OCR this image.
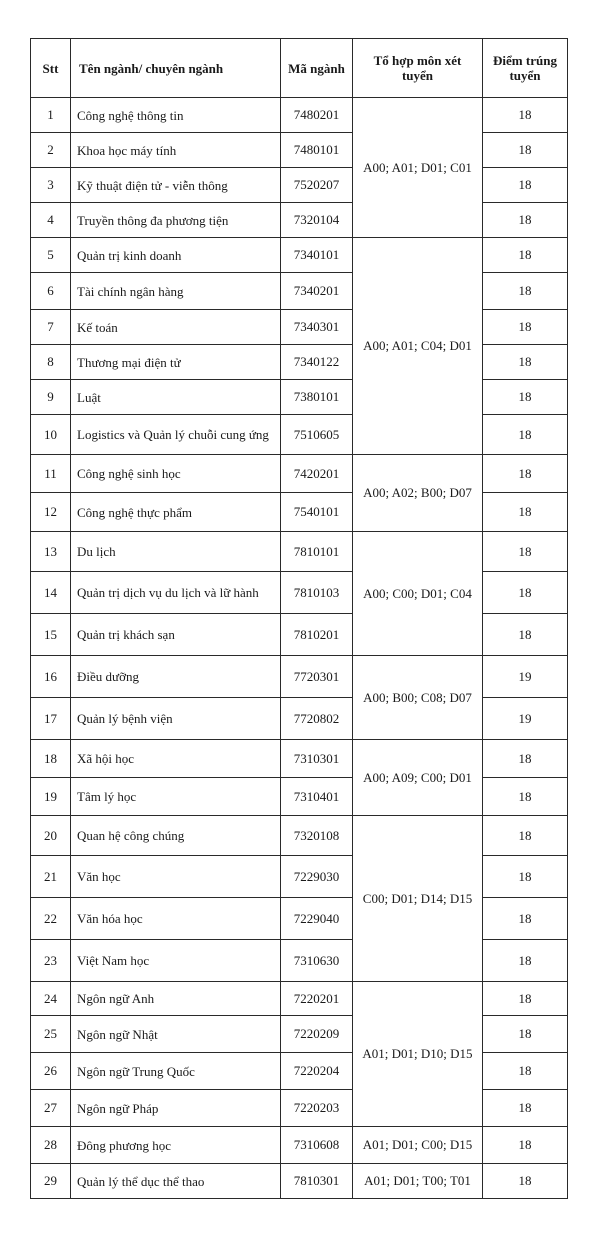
Stt	Tên ngành/ chuyên ngành	Mã ngành	Tổ hợp môn xét tuyển	Điểm trúng tuyển
1	Công nghệ thông tin	7480201	A00; A01; D01; C01	18
2	Khoa học máy tính	7480101		18
3	Kỹ thuật điện tử - viễn thông	7520207		18
4	Truyền thông đa phương tiện	7320104		18
5	Quản trị kinh doanh	7340101	A00; A01; C04; D01	18
6	Tài chính ngân hàng	7340201		18
7	Kế toán	7340301		18
8	Thương mại điện tử	7340122		18
9	Luật	7380101		18
10	Logistics và Quản lý chuỗi cung ứng	7510605		18
11	Công nghệ sinh học	7420201	A00; A02; B00; D07	18
12	Công nghệ thực phẩm	7540101		18
13	Du lịch	7810101	A00; C00; D01; C04	18
14	Quản trị dịch vụ du lịch và lữ hành	7810103		18
15	Quản trị khách sạn	7810201		18
16	Điều dưỡng	7720301	A00; B00; C08; D07	19
17	Quản lý bệnh viện	7720802		19
18	Xã hội học	7310301	A00; A09; C00; D01	18
19	Tâm lý học	7310401		18
20	Quan hệ công chúng	7320108	C00; D01; D14; D15	18
21	Văn học	7229030		18
22	Văn hóa học	7229040		18
23	Việt Nam học	7310630		18
24	Ngôn ngữ Anh	7220201	A01; D01; D10; D15	18
25	Ngôn ngữ Nhật	7220209		18
26	Ngôn ngữ Trung Quốc	7220204		18
27	Ngôn ngữ Pháp	7220203		18
28	Đông phương học	7310608	A01; D01; C00; D15	18
29	Quản lý thể dục thể thao	7810301	A01; D01; T00; T01	18
